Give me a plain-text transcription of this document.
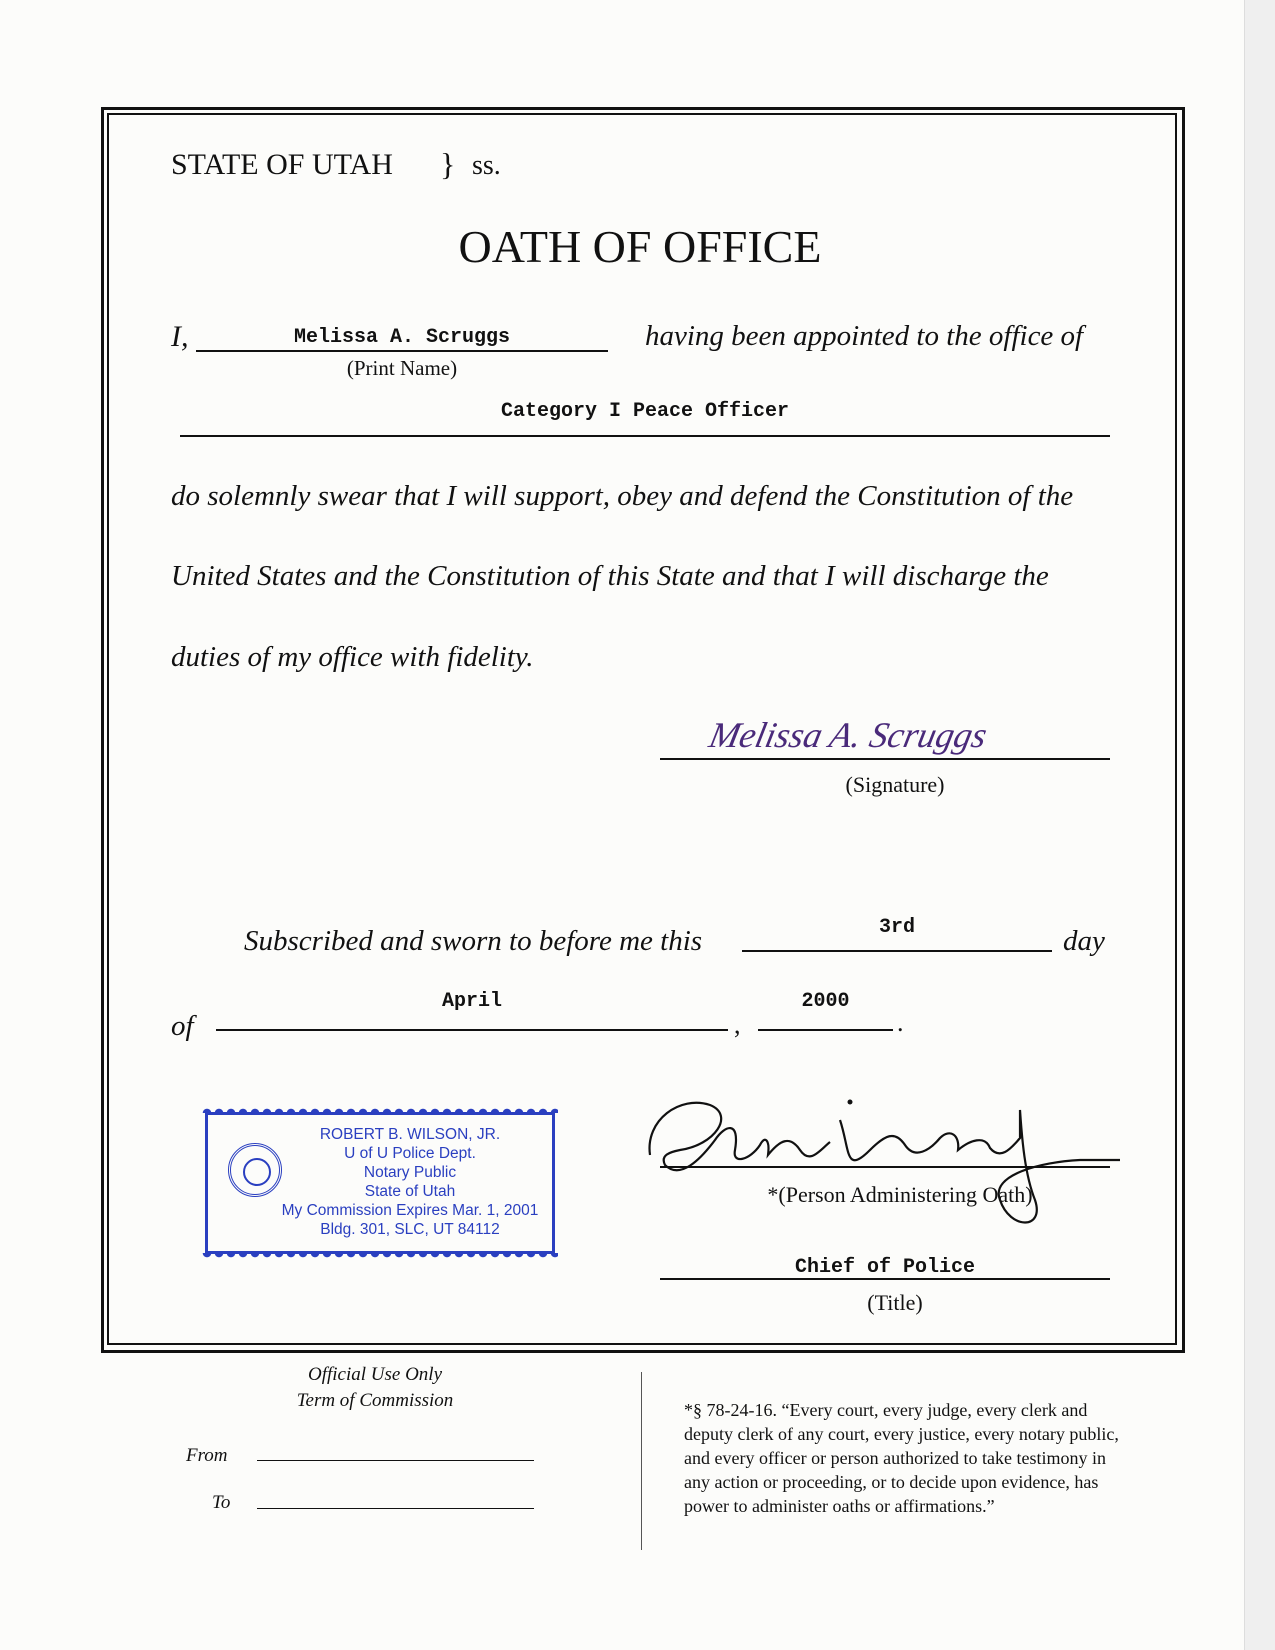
STATE OF UTAH } ss.
OATH OF OFFICE
I,	Melissa A. Scruggs
(Print Name)
having been appointed to the office of
Category I Peace Officer
do solemnly swear that I will support, obey and defend the Constitution of the
United States and the Constitution of this State and that I will discharge the
duties of my office with fidelity.
Melissa A. Scruggs
(Signature)
Subscribed and sworn to before me this	3rd	day
of
April
,
2000
.
ROBERT B. WILSON, JR.
U of U Police Dept.
Notary Public
State of Utah
My Commission Expires Mar. 1, 2001
Bldg. 301, SLC, UT 84112
*(Person Administering Oath)
Chief of Police
(Title)
Official Use Only
Term of Commission
From
To
*§ 78-24-16. “Every court, every judge, every clerk and
deputy clerk of any court, every justice, every notary public,
and every officer or person authorized to take testimony in
any action or proceeding, or to decide upon evidence, has
power to administer oaths or affirmations.”
